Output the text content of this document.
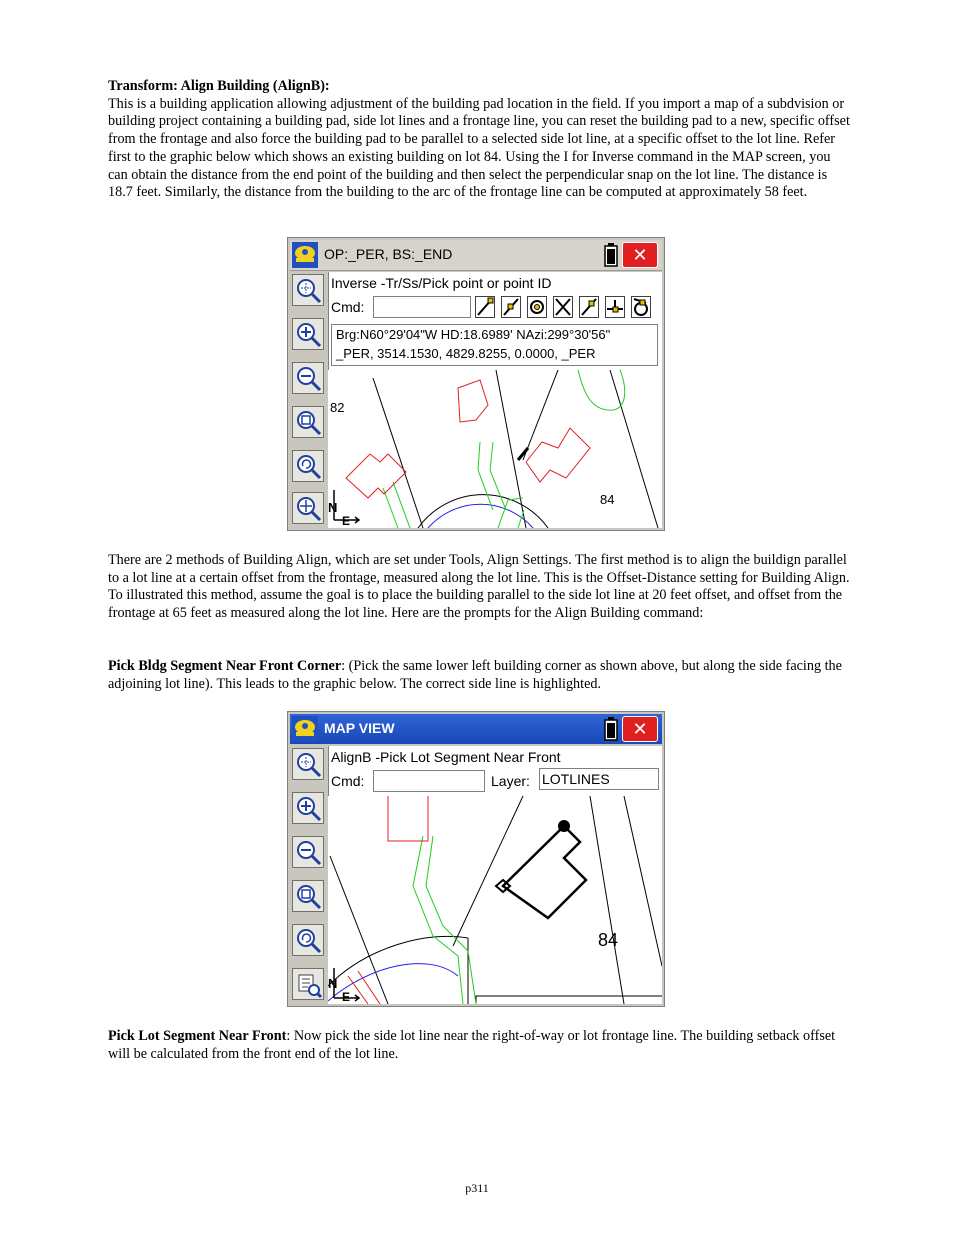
Transform: Align Building (AlignB):
This is a building application allowing adjustment of the building pad location in the field. If you import a map of a subdvision or building project containing a building pad, side lot lines and a frontage line, you can reset the building pad to a new, specific offset from the frontage and also force the building pad to be parallel to a selected side lot line, at a specific offset to the lot line. Refer first to the graphic below which shows an existing building on lot 84. Using the I for Inverse command in the MAP screen, you can obtain the distance from the end point of the building and then select the perpendicular snap on the lot line. The distance is 18.7 feet. Similarly, the distance from the building to the arc of the frontage line can be computed at approximately 58 feet.
OP:_PER, BS:_END	✕
Inverse -Tr/Ss/Pick point or point ID
Cmd:
Brg:N60°29'04"W HD:18.6989' NAzi:299°30'56"
_PER, 3514.1530, 4829.8255, 0.0000, _PER
82
84
N
E
There are 2 methods of Building Align, which are set under Tools, Align Settings. The first method is to align the buildign parallel to a lot line at a certain offset from the frontage, measured along the lot line. This is the Offset-Distance setting for Building Align. To illustrated this method, assume the goal is to place the building parallel to the side lot line at 20 feet offset, and offset from the frontage at 65 feet as measured along the lot line. Here are the prompts for the Align Building command:
Pick Bldg Segment Near Front Corner: (Pick the same lower left building corner as shown above, but along the side facing the adjoining lot line). This leads to the graphic below. The correct side line is highlighted.
MAP VIEW	✕
AlignB -Pick Lot Segment Near Front
Cmd:	Layer: LOTLINES
84
N
E
Pick Lot Segment Near Front: Now pick the side lot line near the right-of-way or lot frontage line. The building setback offset will be calculated from the front end of the lot line.
p311
